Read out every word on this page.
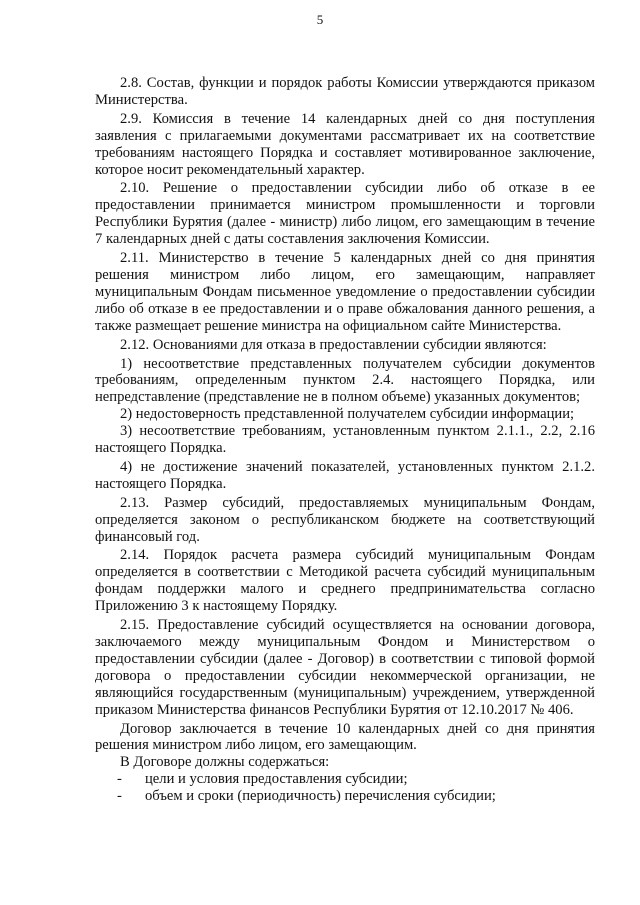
5

2.8. Состав, функции и порядок работы Комиссии утверждаются приказом Министерства.

2.9. Комиссия в течение 14 календарных дней со дня поступления заявления с прилагаемыми документами рассматривает их на соответствие требованиям настоящего Порядка и составляет мотивированное заключение, которое носит рекомендательный характер.

2.10. Решение о предоставлении субсидии либо об отказе в ее предоставлении принимается министром промышленности и торговли Республики Бурятия (далее - министр) либо лицом, его замещающим в течение 7 календарных дней с даты составления заключения Комиссии.

2.11. Министерство в течение 5 календарных дней со дня принятия решения министром либо лицом, его замещающим, направляет муниципальным Фондам письменное уведомление о предоставлении субсидии либо об отказе в ее предоставлении и о праве обжалования данного решения, а также размещает решение министра на официальном сайте Министерства.

2.12. Основаниями для отказа в предоставлении субсидии являются:

1) несоответствие представленных получателем субсидии документов требованиям, определенным пунктом 2.4. настоящего Порядка, или непредставление (представление не в полном объеме) указанных документов;

2) недостоверность представленной получателем субсидии информации;

3) несоответствие требованиям, установленным пунктом 2.1.1., 2.2, 2.16 настоящего Порядка.

4) не достижение значений показателей, установленных пунктом 2.1.2. настоящего Порядка.

2.13. Размер субсидий, предоставляемых муниципальным Фондам, определяется законом о республиканском бюджете на соответствующий финансовый год.

2.14. Порядок расчета размера субсидий муниципальным Фондам определяется в соответствии с Методикой расчета субсидий муниципальным фондам поддержки малого и среднего предпринимательства согласно Приложению 3 к настоящему Порядку.

2.15. Предоставление субсидий осуществляется на основании договора, заключаемого между муниципальным Фондом и Министерством о предоставлении субсидии (далее - Договор) в соответствии с типовой формой договора о предоставлении субсидии некоммерческой организации, не являющийся государственным (муниципальным) учреждением, утвержденной приказом Министерства финансов Республики Бурятия от 12.10.2017 № 406.

Договор заключается в течение 10 календарных дней со дня принятия решения министром либо лицом, его замещающим.

В Договоре должны содержаться:

-	цели и условия предоставления субсидии;
-	объем и сроки (периодичность) перечисления субсидии;
